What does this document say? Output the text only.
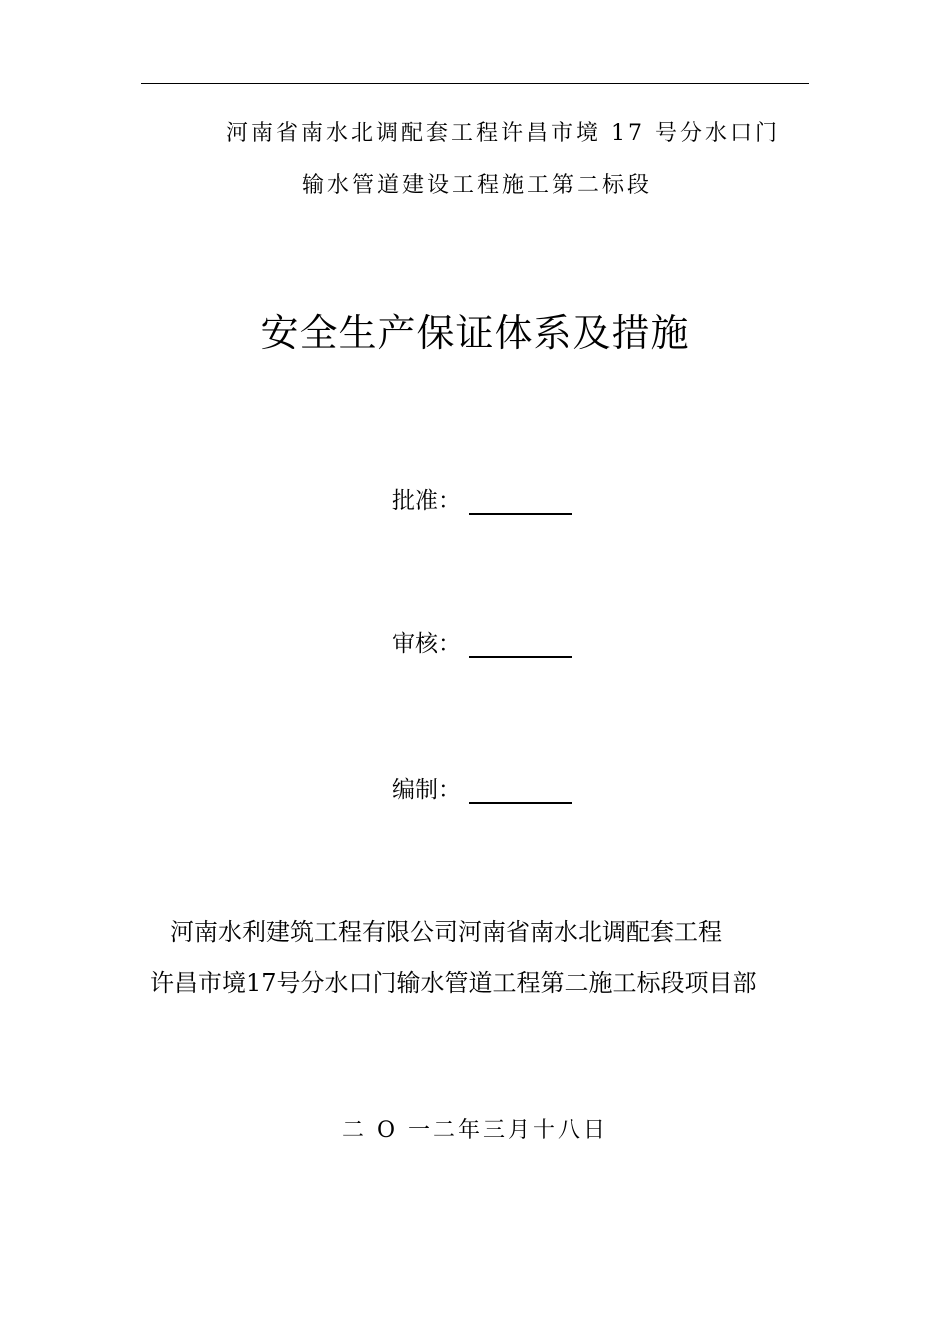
河南省南水北调配套工程许昌市境 17 号分水口门
输水管道建设工程施工第二标段
安全生产保证体系及措施
批准：
审核：
编制：
河南水利建筑工程有限公司河南省南水北调配套工程
许昌市境17号分水口门输水管道工程第二施工标段项目部
二 O 一二年三月十八日
